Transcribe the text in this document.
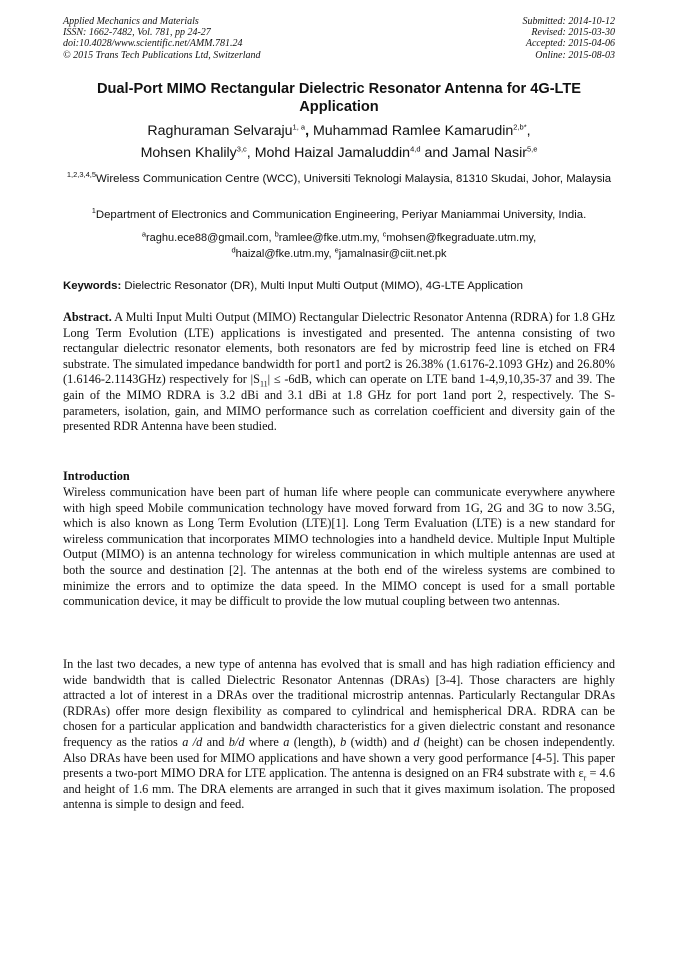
Applied Mechanics and Materials
ISSN: 1662-7482, Vol. 781, pp 24-27
doi:10.4028/www.scientific.net/AMM.781.24
© 2015 Trans Tech Publications Ltd, Switzerland
Submitted: 2014-10-12
Revised: 2015-03-30
Accepted: 2015-04-06
Online: 2015-08-03
Dual-Port MIMO Rectangular Dielectric Resonator Antenna for 4G-LTE Application
Raghuraman Selvaraju$^{1, a}$, Muhammad Ramlee Kamarudin$^{2,b*}$,
Mohsen Khalily$^{3,c}$, Mohd Haizal Jamaluddin$^{4,d}$ and Jamal Nasir$^{5,e}$
$^{1,2,3,4,5}$Wireless Communication Centre (WCC), Universiti Teknologi Malaysia, 81310 Skudai, Johor, Malaysia
$^1$Department of Electronics and Communication Engineering, Periyar Maniammai University, India.
$^a$raghu.ece88@gmail.com, $^b$ramlee@fke.utm.my, $^c$mohsen@fkegraduate.utm.my,
$^d$haizal@fke.utm.my, $^e$jamalnasir@ciit.net.pk
Keywords: Dielectric Resonator (DR), Multi Input Multi Output (MIMO), 4G-LTE Application
Abstract. A Multi Input Multi Output (MIMO) Rectangular Dielectric Resonator Antenna (RDRA) for 1.8 GHz Long Term Evolution (LTE) applications is investigated and presented. The antenna consisting of two rectangular dielectric resonator elements, both resonators are fed by microstrip feed line is etched on FR4 substrate. The simulated impedance bandwidth for port1 and port2 is 26.38% (1.6176-2.1093 GHz) and 26.80% (1.6146-2.1143GHz) respectively for $|S_{11}| \le -6dB$, which can operate on LTE band 1-4,9,10,35-37 and 39. The gain of the MIMO RDRA is 3.2 dBi and 3.1 dBi at 1.8 GHz for port 1and port 2, respectively. The S-parameters, isolation, gain, and MIMO performance such as correlation coefficient and diversity gain of the presented RDR Antenna have been studied.
Introduction
Wireless communication have been part of human life where people can communicate everywhere anywhere with high speed Mobile communication technology have moved forward from 1G, 2G and 3G to now 3.5G, which is also known as Long Term Evolution (LTE)[1]. Long Term Evaluation (LTE) is a new standard for wireless communication that incorporates MIMO technologies into a handheld device. Multiple Input Multiple Output (MIMO) is an antenna technology for wireless communication in which multiple antennas are used at both the source and destination [2]. The antennas at the both end of the wireless systems are combined to minimize the errors and to optimize the data speed. In the MIMO concept is used for a small portable communication device, it may be difficult to provide the low mutual coupling between two antennas.
In the last two decades, a new type of antenna has evolved that is small and has high radiation efficiency and wide bandwidth that is called Dielectric Resonator Antennas (DRAs) [3-4]. Those characters are highly attracted a lot of interest in a DRAs over the traditional microstrip antennas. Particularly Rectangular DRAs (RDRAs) offer more design flexibility as compared to cylindrical and hemispherical DRA. RDRA can be chosen for a particular application and bandwidth characteristics for a given dielectric constant and resonance frequency as the ratios a /d and b/d where a (length), b (width) and d (height) can be chosen independently. Also DRAs have been used for MIMO applications and have shown a very good performance [4-5]. This paper presents a two-port MIMO DRA for LTE application. The antenna is designed on an FR4 substrate with $\varepsilon_r = 4.6$ and height of 1.6 mm. The DRA elements are arranged in such that it gives maximum isolation. The proposed antenna is simple to design and feed.
